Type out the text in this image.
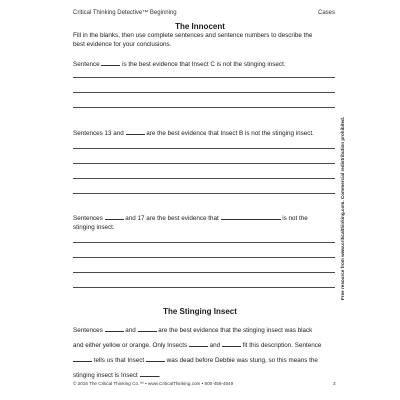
Critical Thinking Detective™ Beginning	Cases
The Innocent
Fill in the blanks, then use complete sentences and sentence numbers to describe the
best evidence for your conclusions.
Sentence	is the best evidence that Insect C is not the stinging insect.
Sentences 13 and	are the best evidence that Insect B is not the stinging insect.
Sentences	and 17 are the best evidence that	is not the
stinging insect.
The Stinging Insect
Sentences	and	are the best evidence that the stinging insect was black
and either yellow or orange. Only Insects	and	fit this description. Sentence
tells us that Insect	was dead before Debbie was stung, so this means the
stinging insect is Insect	.
Free resource from www.criticalthinking.com. Commercial redistribution prohibited.
© 2016 The Critical Thinking Co.™ • www.CriticalThinking.com • 800-458-4849	3
